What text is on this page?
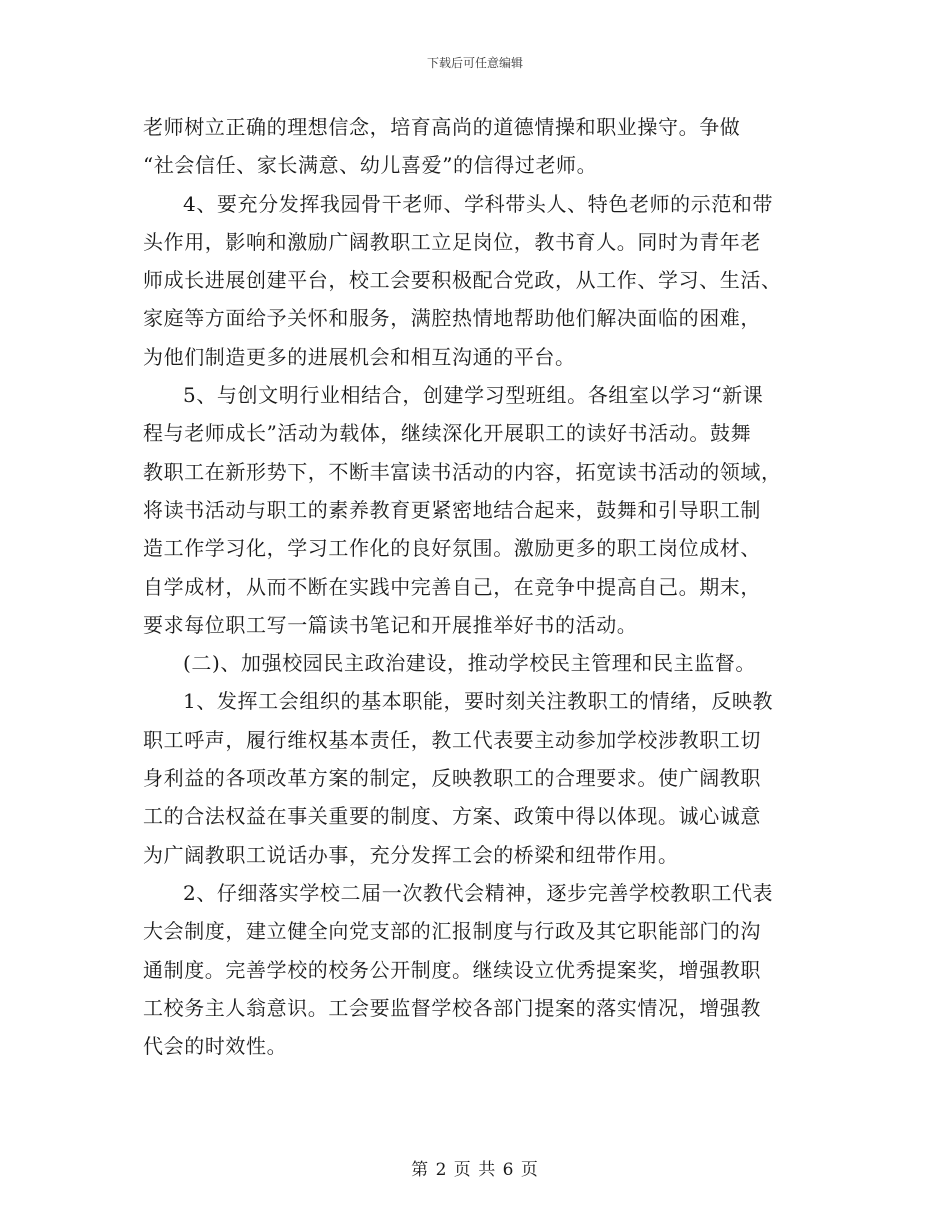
下载后可任意编辑
老师树立正确的理想信念，培育高尚的道德情操和职业操守。争做
“社会信任、家长满意、幼儿喜爱”的信得过老师。
4、要充分发挥我园骨干老师、学科带头人、特色老师的示范和带
头作用，影响和激励广阔教职工立足岗位，教书育人。同时为青年老
师成长进展创建平台，校工会要积极配合党政，从工作、学习、生活、
家庭等方面给予关怀和服务，满腔热情地帮助他们解决面临的困难，
为他们制造更多的进展机会和相互沟通的平台。
5、与创文明行业相结合，创建学习型班组。各组室以学习“新课
程与老师成长”活动为载体，继续深化开展职工的读好书活动。鼓舞
教职工在新形势下，不断丰富读书活动的内容，拓宽读书活动的领域，
将读书活动与职工的素养教育更紧密地结合起来，鼓舞和引导职工制
造工作学习化，学习工作化的良好氛围。激励更多的职工岗位成材、
自学成材，从而不断在实践中完善自己，在竞争中提高自己。期末，
要求每位职工写一篇读书笔记和开展推举好书的活动。
(二)、加强校园民主政治建设，推动学校民主管理和民主监督。
1、发挥工会组织的基本职能，要时刻关注教职工的情绪，反映教
职工呼声，履行维权基本责任，教工代表要主动参加学校涉教职工切
身利益的各项改革方案的制定，反映教职工的合理要求。使广阔教职
工的合法权益在事关重要的制度、方案、政策中得以体现。诚心诚意
为广阔教职工说话办事，充分发挥工会的桥梁和纽带作用。
2、仔细落实学校二届一次教代会精神，逐步完善学校教职工代表
大会制度，建立健全向党支部的汇报制度与行政及其它职能部门的沟
通制度。完善学校的校务公开制度。继续设立优秀提案奖，增强教职
工校务主人翁意识。工会要监督学校各部门提案的落实情况，增强教
代会的时效性。
第 2 页 共 6 页
